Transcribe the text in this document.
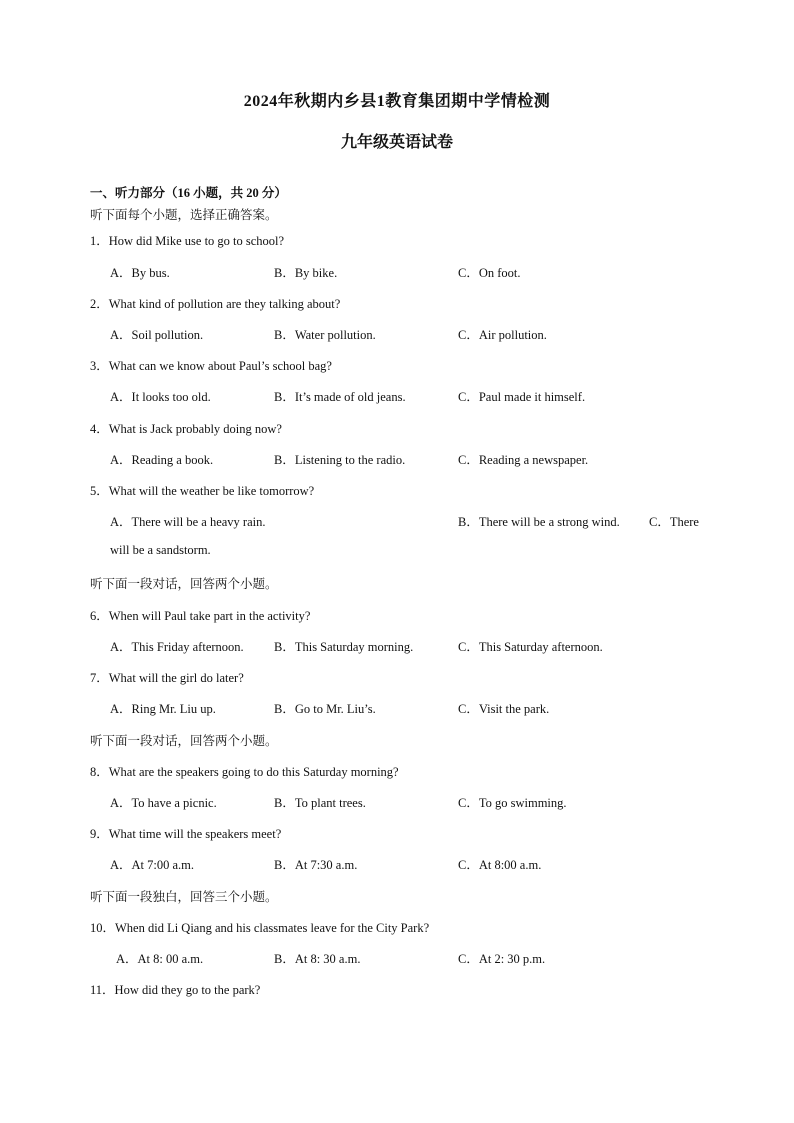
2024年秋期内乡县1教育集团期中学情检测
九年级英语试卷
一、听力部分（16 小题，共 20 分）
听下面每个小题，选择正确答案。
1．How did Mike use to go to school?
A．By bus.	B．By bike.	C．On foot.
2．What kind of pollution are they talking about?
A．Soil pollution.	B．Water pollution.	C．Air pollution.
3．What can we know about Paul’s school bag?
A．It looks too old.	B．It’s made of old jeans.	C．Paul made it himself.
4．What is Jack probably doing now?
A．Reading a book.	B．Listening to the radio.	C．Reading a newspaper.
5．What will the weather be like tomorrow?
A．There will be a heavy rain.	B．There will be a strong wind. C．There
will be a sandstorm.
听下面一段对话，回答两个小题。
6．When will Paul take part in the activity?
A．This Friday afternoon. B．This Saturday morning.	C．This Saturday afternoon.
7．What will the girl do later?
A．Ring Mr. Liu up.	B．Go to Mr. Liu’s.	C．Visit the park.
听下面一段对话，回答两个小题。
8．What are the speakers going to do this Saturday morning?
A．To have a picnic.	B．To plant trees.	C．To go swimming.
9．What time will the speakers meet?
A．At 7:00 a.m.	B．At 7:30 a.m.	C．At 8:00 a.m.
听下面一段独白，回答三个小题。
10．When did Li Qiang and his classmates leave for the City Park?
A．At 8: 00 a.m.	B．At 8: 30 a.m.	C．At 2: 30 p.m.
11．How did they go to the park?
